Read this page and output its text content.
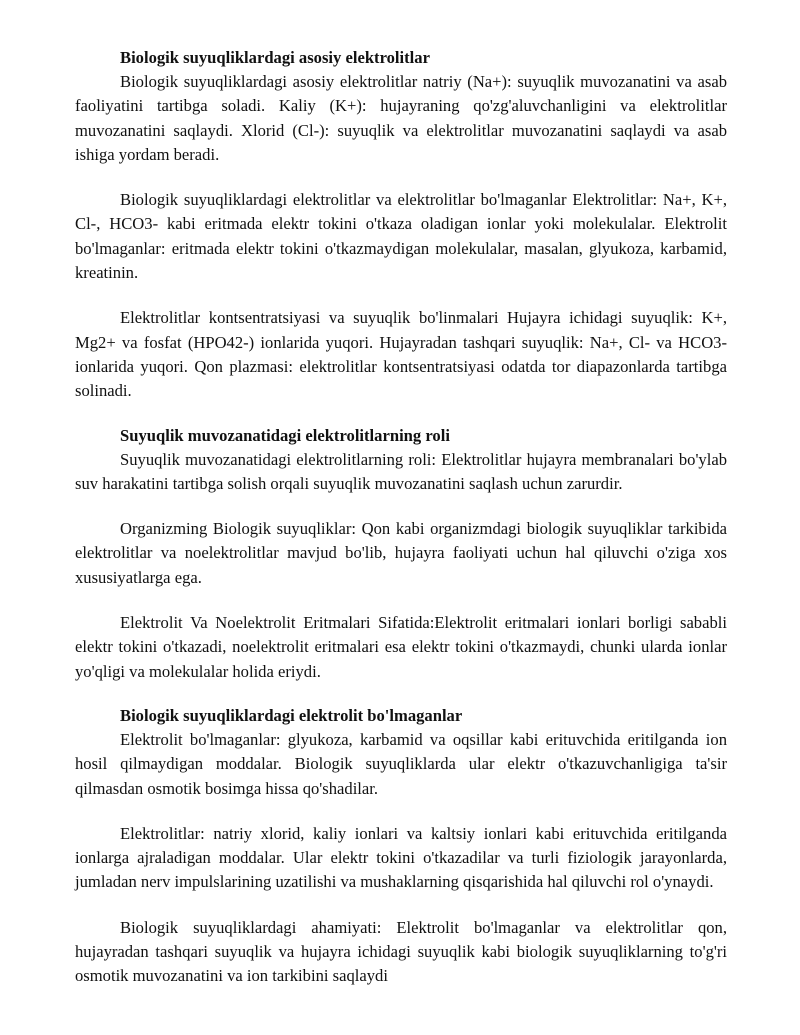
Biologik suyuqliklardagi asosiy elektrolitlar

Biologik suyuqliklardagi asosiy elektrolitlar natriy (Na+): suyuqlik muvozanatini va asab faoliyatini tartibga soladi. Kaliy (K+): hujayraning qo'zg'aluvchanligini va elektrolitlar muvozanatini saqlaydi. Xlorid (Cl-): suyuqlik va elektrolitlar muvozanatini saqlaydi va asab ishiga yordam beradi.

Biologik suyuqliklardagi elektrolitlar va elektrolitlar bo'lmaganlar Elektrolitlar: Na+, K+, Cl-, HCO3- kabi eritmada elektr tokini o'tkaza oladigan ionlar yoki molekulalar. Elektrolit bo'lmaganlar: eritmada elektr tokini o'tkazmaydigan molekulalar, masalan, glyukoza, karbamid, kreatinin.

Elektrolitlar kontsentratsiyasi va suyuqlik bo'linmalari Hujayra ichidagi suyuqlik: K+, Mg2+ va fosfat (HPO42-) ionlarida yuqori. Hujayradan tashqari suyuqlik: Na+, Cl- va HCO3- ionlarida yuqori. Qon plazmasi: elektrolitlar kontsentratsiyasi odatda tor diapazonlarda tartibga solinadi.

Suyuqlik muvozanatidagi elektrolitlarning roli

Suyuqlik muvozanatidagi elektrolitlarning roli: Elektrolitlar hujayra membranalari bo'ylab suv harakatini tartibga solish orqali suyuqlik muvozanatini saqlash uchun zarurdir.

Organizming Biologik suyuqliklar: Qon kabi organizmdagi biologik suyuqliklar tarkibida elektrolitlar va noelektrolitlar mavjud bo'lib, hujayra faoliyati uchun hal qiluvchi o'ziga xos xususiyatlarga ega.

Elektrolit Va Noelektrolit Eritmalari Sifatida:Elektrolit eritmalari ionlari borligi sababli elektr tokini o'tkazadi, noelektrolit eritmalari esa elektr tokini o'tkazmaydi, chunki ularda ionlar yo'qligi va molekulalar holida eriydi.

Biologik suyuqliklardagi elektrolit bo'lmaganlar

Elektrolit bo'lmaganlar: glyukoza, karbamid va oqsillar kabi erituvchida eritilganda ion hosil qilmaydigan moddalar. Biologik suyuqliklarda ular elektr o'tkazuvchanligiga ta'sir qilmasdan osmotik bosimga hissa qo'shadilar.

Elektrolitlar: natriy xlorid, kaliy ionlari va kaltsiy ionlari kabi erituvchida eritilganda ionlarga ajraladigan moddalar. Ular elektr tokini o'tkazadilar va turli fiziologik jarayonlarda, jumladan nerv impulslarining uzatilishi va mushaklarning qisqarishida hal qiluvchi rol o'ynaydi.

Biologik suyuqliklardagi ahamiyati: Elektrolit bo'lmaganlar va elektrolitlar qon, hujayradan tashqari suyuqlik va hujayra ichidagi suyuqlik kabi biologik suyuqliklarning to'g'ri osmotik muvozanatini va ion tarkibini saqlaydi
